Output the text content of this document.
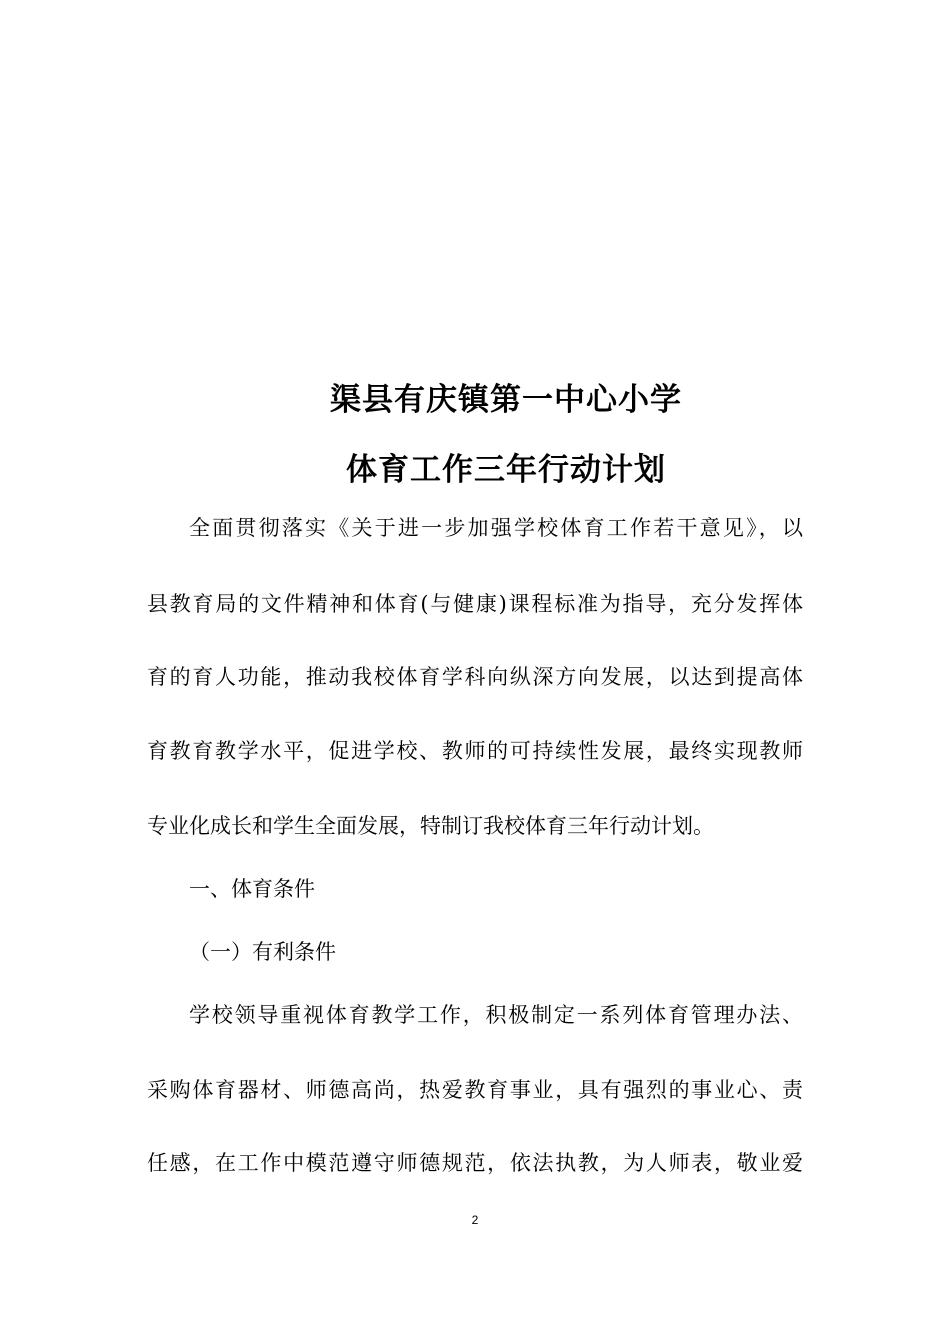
渠县有庆镇第一中心小学
体育工作三年行动计划
全面贯彻落实《关于进一步加强学校体育工作若干意见》，以
县教育局的文件精神和体育(与健康)课程标准为指导，充分发挥体
育的育人功能，推动我校体育学科向纵深方向发展，以达到提高体
育教育教学水平，促进学校、教师的可持续性发展，最终实现教师
专业化成长和学生全面发展，特制订我校体育三年行动计划。
一、体育条件
（一）有利条件
学校领导重视体育教学工作，积极制定一系列体育管理办法、
采购体育器材、师德高尚，热爱教育事业，具有强烈的事业心、责
任感，在工作中模范遵守师德规范，依法执教，为人师表，敬业爱
2
